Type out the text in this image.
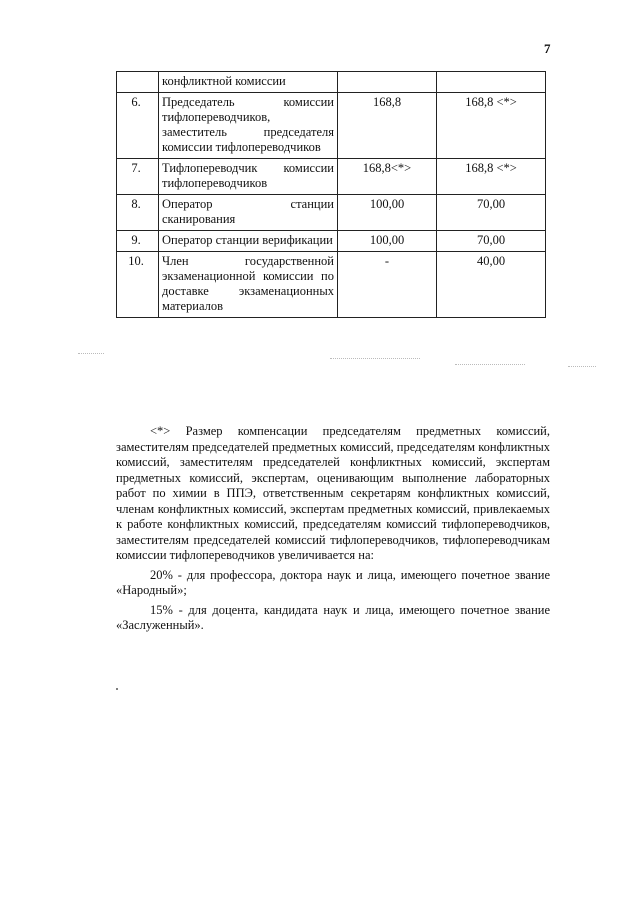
7
	конфликтной комиссии		
6.	Председатель комиссии тифлопереводчиков, заместитель председателя комиссии тифлопереводчиков	168,8	168,8 <*>
7.	Тифлопереводчик комиссии тифлопереводчиков	168,8<*>	168,8 <*>
8.	Оператор станции сканирования	100,00	70,00
9.	Оператор станции верификации	100,00	70,00
10.	Член государственной экзаменационной комиссии по доставке экзаменационных материалов	-	40,00

<*> Размер компенсации председателям предметных комиссий, заместителям председателей предметных комиссий, председателям конфликтных комиссий, заместителям председателей конфликтных комиссий, экспертам предметных комиссий, экспертам, оценивающим выполнение лабораторных работ по химии в ППЭ, ответственным секретарям конфликтных комиссий, членам конфликтных комиссий, экспертам предметных комиссий, привлекаемых к работе конфликтных комиссий, председателям комиссий тифлопереводчиков, заместителям председателей комиссий тифлопереводчиков, тифлопереводчикам комиссии тифлопереводчиков увеличивается на:

20% - для профессора, доктора наук и лица, имеющего почетное звание «Народный»;

15% - для доцента, кандидата наук и лица, имеющего почетное звание «Заслуженный».
